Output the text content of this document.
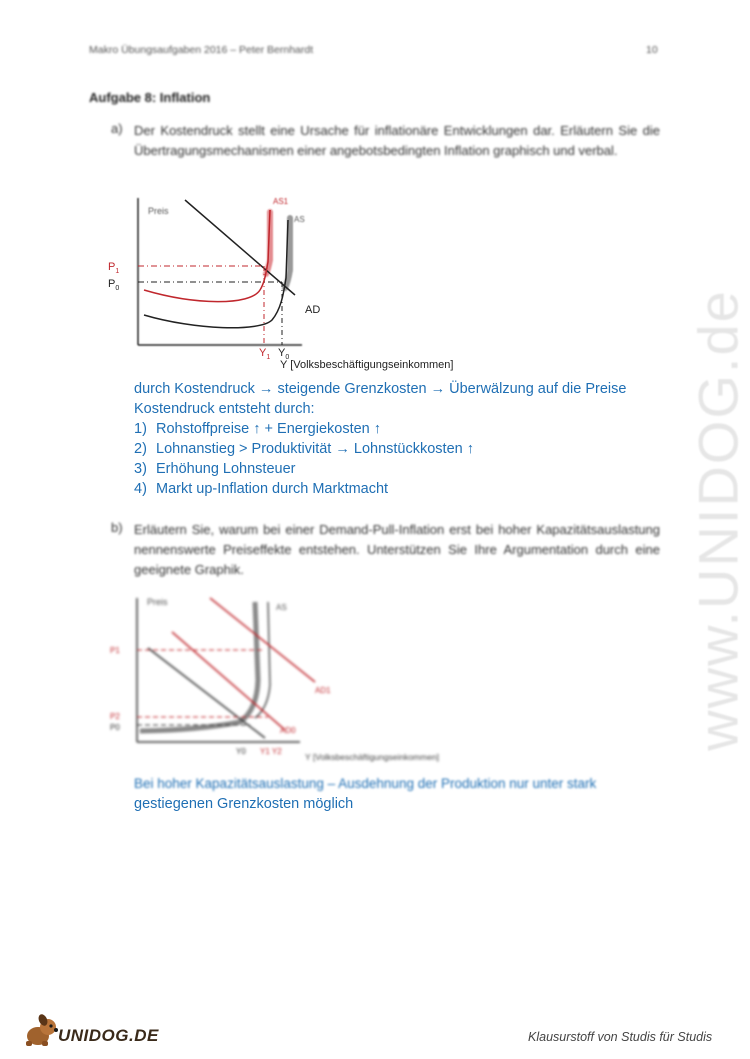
Makro Übungsaufgaben 2016 – Peter Bernhardt	10
Aufgabe 8: Inflation
a) Der Kostendruck stellt eine Ursache für inflationäre Entwicklungen dar. Erläutern Sie die Übertragungsmechanismen einer angebotsbedingten Inflation graphisch und verbal.
Preis
AS1
AS
AD
$P_1$
$P_0$
$Y_1$ $Y_0$
Y [Volksbeschäftigungseinkommen]
durch Kostendruck → steigende Grenzkosten → Überwälzung auf die Preise
Kostendruck entsteht durch:
1) Rohstoffpreise ↑ + Energiekosten ↑
2) Lohnanstieg > Produktivität → Lohnstückkosten ↑
3) Erhöhung Lohnsteuer
4) Markt up-Inflation durch Marktmacht
b) Erläutern Sie, warum bei einer Demand-Pull-Inflation erst bei hoher Kapazitätsauslastung nennenswerte Preiseffekte entstehen. Unterstützen Sie Ihre Argumentation durch eine geeignete Graphik.
Preis
AS
AD1
AD0
P1
P2
P0
Y0 Y1 Y2
Y [Volksbeschäftigungseinkommen]
Bei hoher Kapazitätsauslastung – Ausdehnung der Produktion nur unter stark
gestiegenen Grenzkosten möglich
www.UNIDOG.de
UNIDOG.DE	Klausurstoff von Studis für Studis
